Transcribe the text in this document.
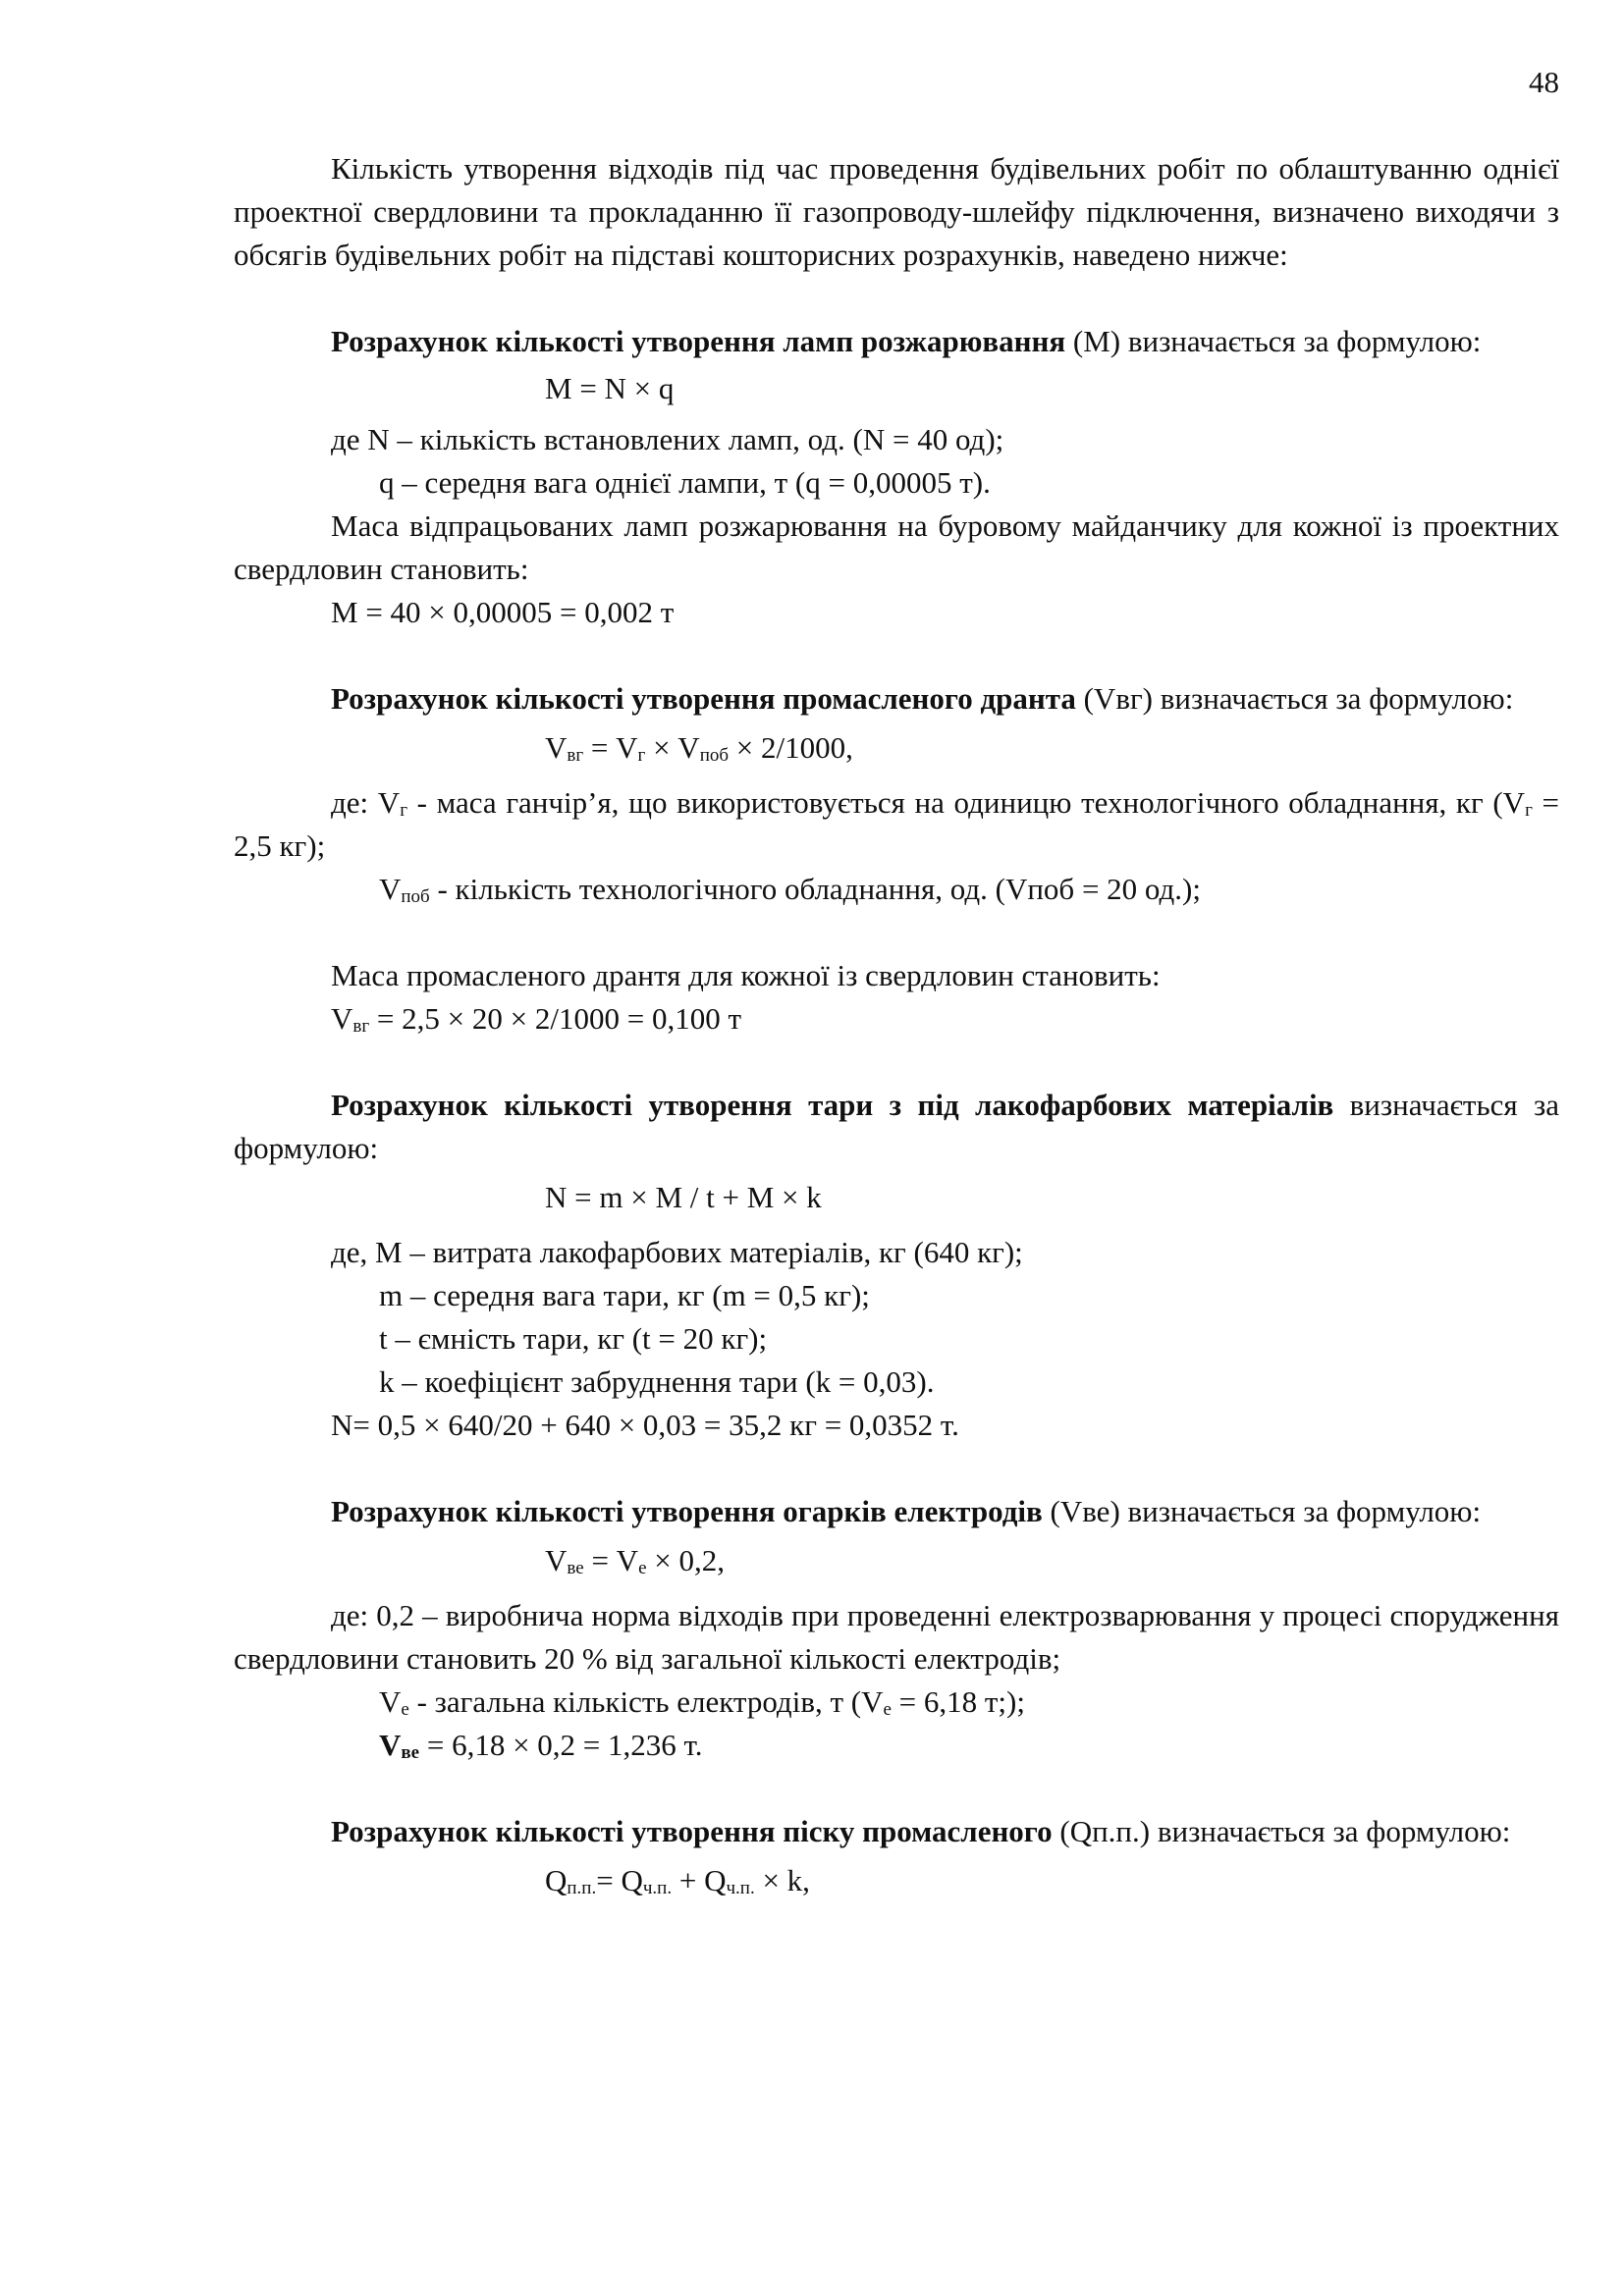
48

Кількість утворення відходів під час проведення будівельних робіт по облаштуванню однієї проектної свердловини та прокладанню її газопроводу-шлейфу підключення, визначено виходячи з обсягів будівельних робіт на підставі кошторисних розрахунків, наведено нижче:

Розрахунок кількості утворення ламп розжарювання (М) визначається за формулою:

М = N × q

де N – кількість встановлених ламп, од. (N = 40 од);

q – середня вага однієї лампи, т (q = 0,00005 т).

Маса відпрацьованих ламп розжарювання на буровому майданчику для кожної із проектних свердловин становить:

М = 40 × 0,00005 = 0,002 т

Розрахунок кількості утворення промасленого дранта (Vвг) визначається за формулою:

$V_{вг} = V_г \times V_{поб} \times 2/1000$,

де: $V_г$ - маса ганчір’я, що використовується на одиницю технологічного обладнання, кг ($V_г = 2,5$ кг);

$V_{поб}$ - кількість технологічного обладнання, од. (Vпоб = 20 од.);

Маса промасленого дрантя для кожної із свердловин становить:

$V_{вг} = 2,5 \times 20 \times 2/1000 = 0,100$ т

Розрахунок кількості утворення тари з під лакофарбових матеріалів визначається за формулою:

N = m × M / t + M × k

де, М – витрата лакофарбових матеріалів, кг (640 кг);

m – середня вага тари, кг (m = 0,5 кг);

t – ємність тари, кг (t = 20 кг);

k – коефіцієнт забруднення тари (k = 0,03).

N= 0,5 × 640/20 + 640 × 0,03 = 35,2 кг = 0,0352 т.

Розрахунок кількості утворення огарків електродів (Vве) визначається за формулою:

$V_{ве} = V_е \times 0,2$,

де: 0,2 – виробнича норма відходів при проведенні електрозварювання у процесі спорудження свердловини становить 20 % від загальної кількості електродів;

$V_е$ - загальна кількість електродів, т ($V_е = 6,18$ т;);

$V_{ве} = 6,18 \times 0,2 = 1,236$ т.

Розрахунок кількості утворення піску промасленого (Qп.п.) визначається за формулою:

$Q_{п.п.}= Q_{ч.п.} + Q_{ч.п.} \times k$,
